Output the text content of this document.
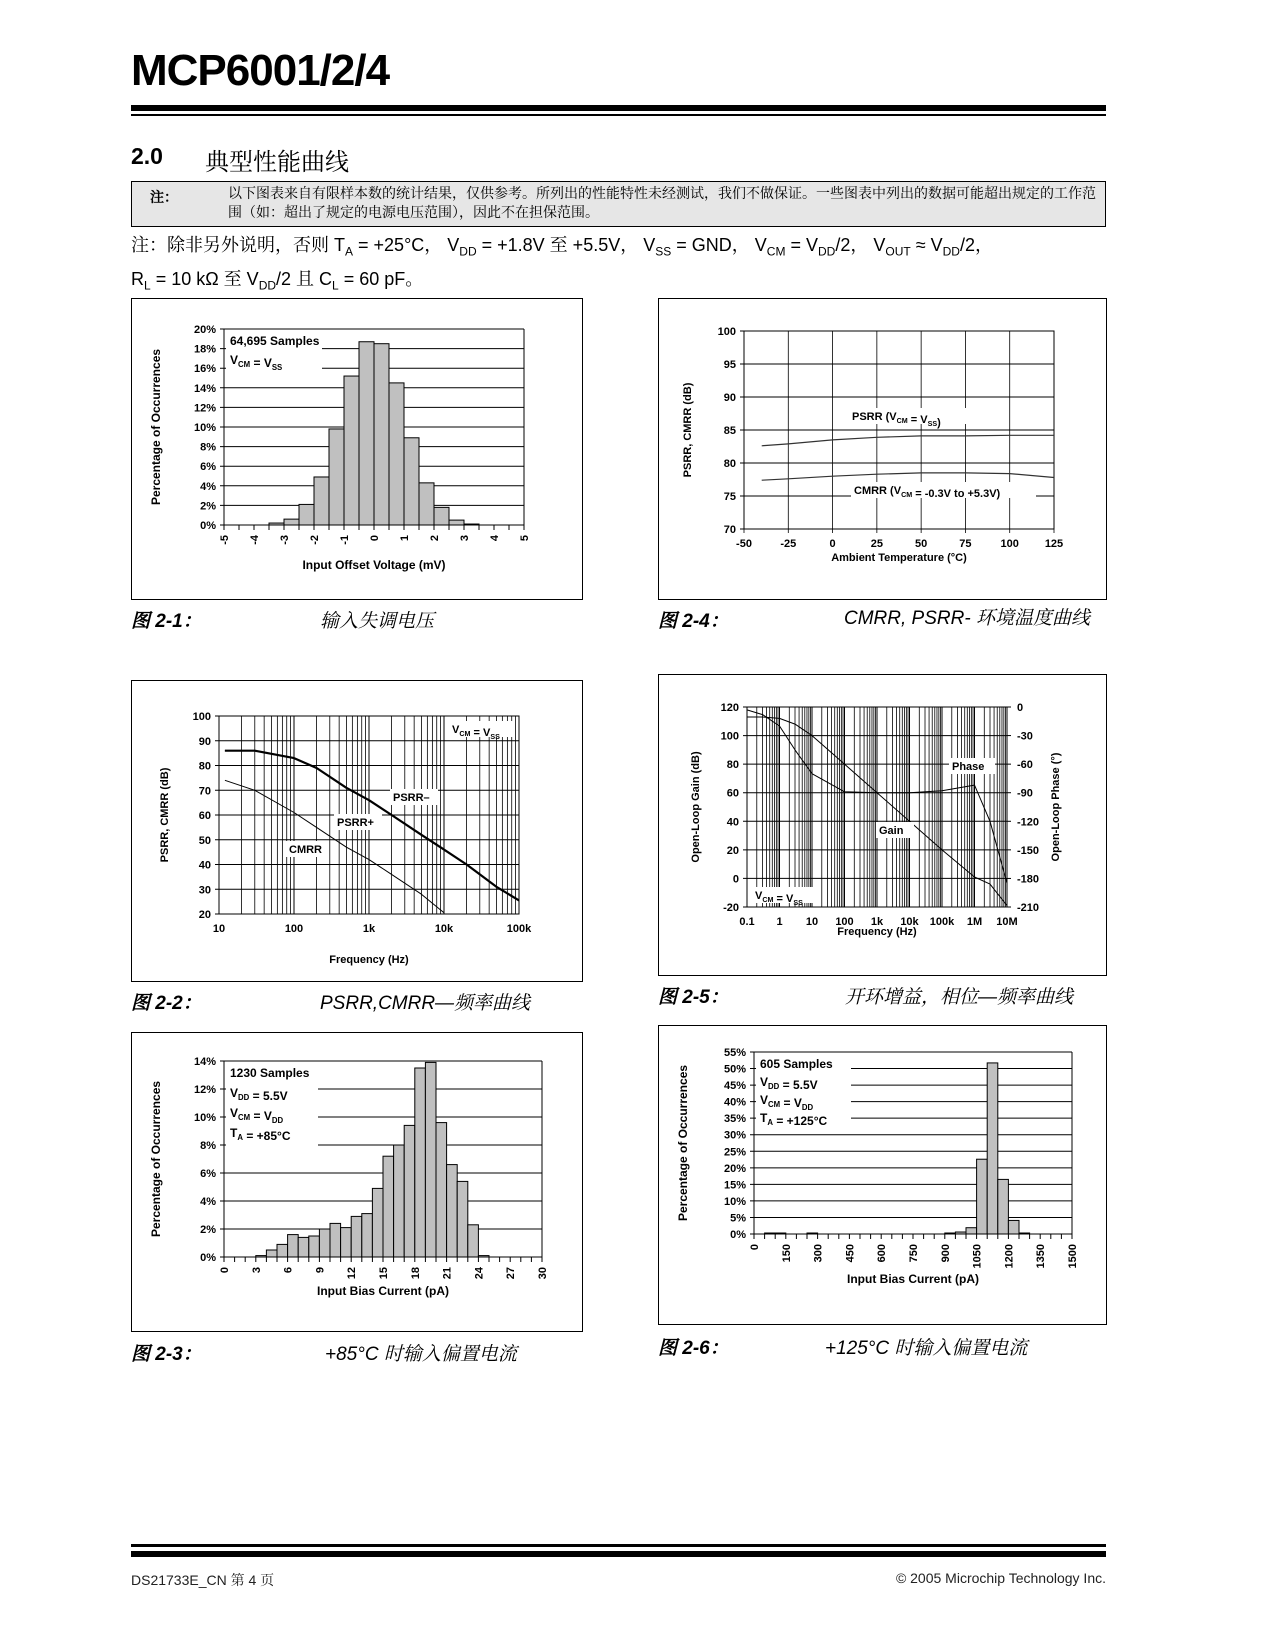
MCP6001/2/4
2.0 典型性能曲线
注：	以下图表来自有限样本数的统计结果，仅供参考。所列出的性能特性未经测试，我们不做保证。一些图表中列出的数据可能超出规定的工作范围（如：超出了规定的电源电压范围），因此不在担保范围。
注：除非另外说明，否则 $T_A = +25^\circ C$， $V_{DD} = +1.8V$ 至 +5.5V， $V_{SS}$ = GND， $V_{CM} = V_{DD}/2$， $V_{OUT} \approx V_{DD}/2$，
$R_L = 10$ kΩ 至 $V_{DD}/2$ 且 $C_L = 60$ pF。
0%
2%
4%
6%
8%
10%
12%
14%
16%
18%
20%
-5 -4 -3 -2 -1 0 1 2 3 4 5
Input Offset Voltage (mV)
Percentage of Occurrences
64,695 Samples
$V_{CM} = V_{SS}$
70
75
80
85
90
95
100
-50	-25	0	25	50	75	100 125
Ambient Temperature (°C)
PSRR, CMRR (dB)	PSRR $(V_{CM} = V_{SS})$
CMRR ($V_{CM} = -0.3V$ to +5.3V)
20
30
40
50
60
70
80
90
100
10	100	1k	10k	100k
Frequency (Hz)
PSRR, CMRR (dB)
$V_{CM} = V_{SS}$
PSRR–
PSRR+
CMRR
-20
0
20
40
60
80
100
120
-210
-180
-150
-120
-90
-60
-30
0
Open-Loop Phase (°)
0.1 1 10 100 1k 10k 100k 1M 10M
Frequency (Hz)
Open-Loop Gain (dB)	Phase
Gain
$V_{CM} = V_{SS}$
0%
2%
4%
6%
8%
10%
12%
14%
0 3 6 9 12 15 18 21 24 27 30
Input Bias Current (pA)
Percentage of Occurrences
1230 Samples
$V_{DD} = 5.5V$
$V_{CM} = V_{DD}$
$T_A = +85^\circ C$
0%
5%
10%
15%
20%
25%
30%
35%
40%
45%
50%
55%
0 150 300 450 600 750 900 1050 1200 1350 1500
Input Bias Current (pA)
Percentage of Occurrences
605 Samples
$V_{DD} = 5.5V$
$V_{CM} = V_{DD}$
$T_A = +125^\circ C$
图 2-1：	输入失调电压	图 2-4：	CMRR, PSRR- 环境温度曲线
图 2-2：	PSRR,CMRR—频率曲线	图 2-5：	开环增益，相位—频率曲线
图 2-3：	+85°C 时输入偏置电流	图 2-6：	+125°C 时输入偏置电流
DS21733E_CN 第 4 页	© 2005 Microchip Technology Inc.
